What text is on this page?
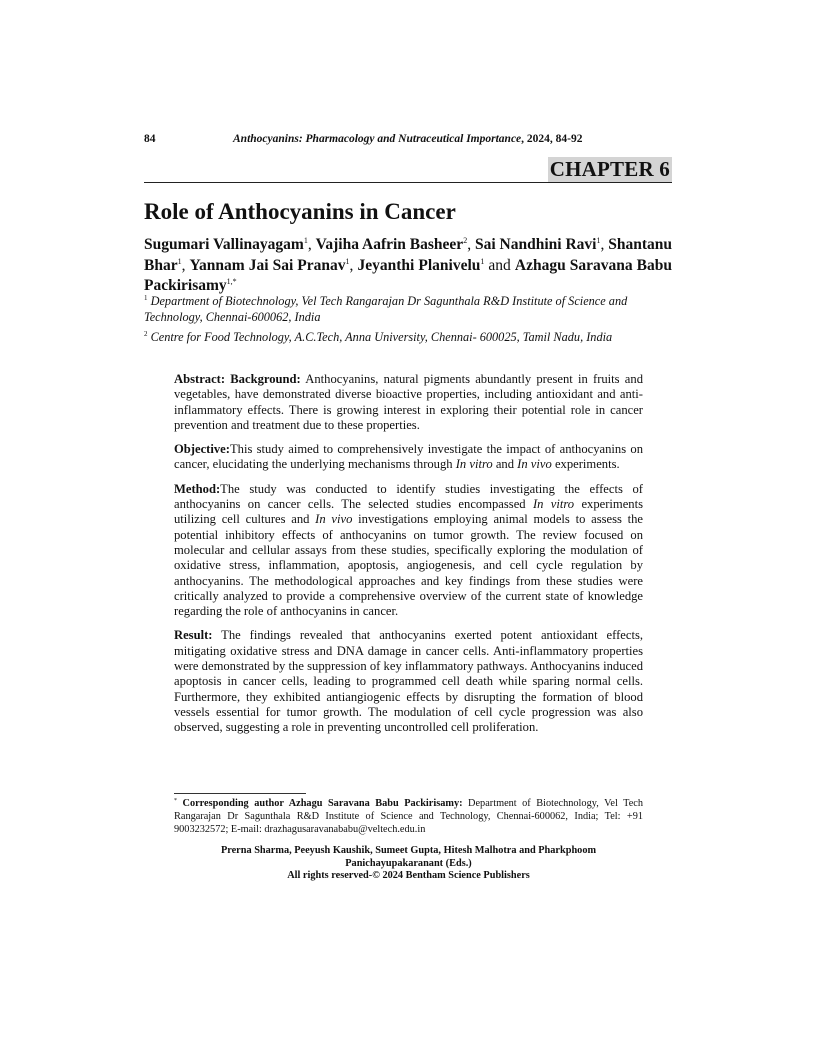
84	Anthocyanins: Pharmacology and Nutraceutical Importance, 2024, 84-92
CHAPTER 6
Role of Anthocyanins in Cancer
Sugumari Vallinayagam$^1$, Vajiha Aafrin Basheer$^2$, Sai Nandhini Ravi$^1$, Shantanu Bhar$^1$, Yannam Jai Sai Pranav$^1$, Jeyanthi Planivelu$^1$ and Azhagu Saravana Babu Packirisamy$^{1,*}$
$^1$ Department of Biotechnology, Vel Tech Rangarajan Dr Sagunthala R&D Institute of Science and Technology, Chennai-600062, India
$^2$ Centre for Food Technology, A.C.Tech, Anna University, Chennai- 600025, Tamil Nadu, India

Abstract: Background: Anthocyanins, natural pigments abundantly present in fruits and vegetables, have demonstrated diverse bioactive properties, including antioxidant and anti-inflammatory effects. There is growing interest in exploring their potential role in cancer prevention and treatment due to these properties.

Objective:This study aimed to comprehensively investigate the impact of anthocyanins on cancer, elucidating the underlying mechanisms through In vitro and In vivo experiments.

Method:The study was conducted to identify studies investigating the effects of anthocyanins on cancer cells. The selected studies encompassed In vitro experiments utilizing cell cultures and In vivo investigations employing animal models to assess the potential inhibitory effects of anthocyanins on tumor growth. The review focused on molecular and cellular assays from these studies, specifically exploring the modulation of oxidative stress, inflammation, apoptosis, angiogenesis, and cell cycle regulation by anthocyanins. The methodological approaches and key findings from these studies were critically analyzed to provide a comprehensive overview of the current state of knowledge regarding the role of anthocyanins in cancer.

Result: The findings revealed that anthocyanins exerted potent antioxidant effects, mitigating oxidative stress and DNA damage in cancer cells. Anti-inflammatory properties were demonstrated by the suppression of key inflammatory pathways. Anthocyanins induced apoptosis in cancer cells, leading to programmed cell death while sparing normal cells. Furthermore, they exhibited antiangiogenic effects by disrupting the formation of blood vessels essential for tumor growth. The modulation of cell cycle progression was also observed, suggesting a role in preventing uncontrolled cell proliferation.

* Corresponding author Azhagu Saravana Babu Packirisamy: Department of Biotechnology, Vel Tech Rangarajan Dr Sagunthala R&D Institute of Science and Technology, Chennai-600062, India; Tel: +91 9003232572; E-mail: drazhagusaravanababu@veltech.edu.in
Prerna Sharma, Peeyush Kaushik, Sumeet Gupta, Hitesh Malhotra and Pharkphoom
Panichayupakaranant (Eds.)
All rights reserved-© 2024 Bentham Science Publishers
